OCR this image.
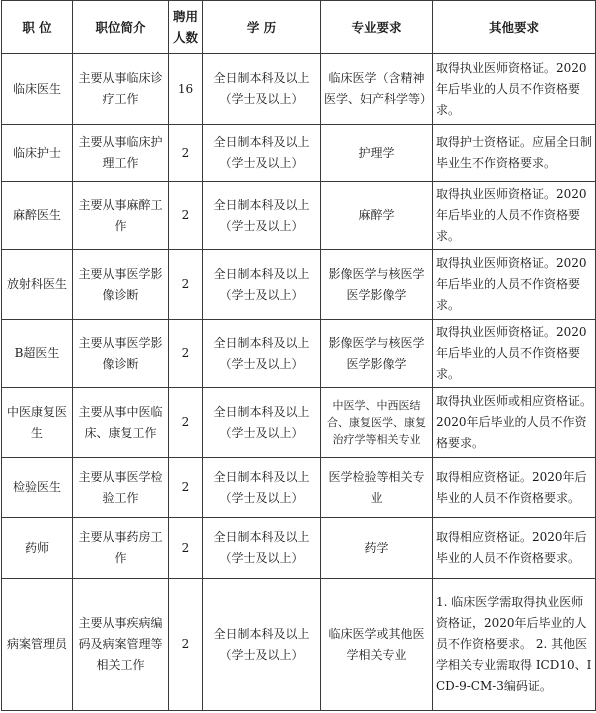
职 位	职位简介	聘用人数	学 历	专业要求	其他要求
临床医生	主要从事临床诊疗工作	16	全日制本科及以上（学士及以上）	临床医学（含精神医学、妇产科学等）	取得执业医师资格证。2020年后毕业的人员不作资格要求。
临床护士	主要从事临床护理工作	2	全日制本科及以上（学士及以上）	护理学	取得护士资格证。应届全日制毕业生不作资格要求。
麻醉医生	主要从事麻醉工作	2	全日制本科及以上（学士及以上）	麻醉学	取得执业医师资格证。2020年后毕业的人员不作资格要求。
放射科医生	主要从事医学影像诊断	2	全日制本科及以上（学士及以上）	影像医学与核医学医学影像学	取得执业医师资格证。2020年后毕业的人员不作资格要求。
B超医生	主要从事医学影像诊断	2	全日制本科及以上（学士及以上）	影像医学与核医学医学影像学	取得执业医师资格证。2020年后毕业的人员不作资格要求。
中医康复医生	主要从事中医临床、康复工作	2	全日制本科及以上（学士及以上）	中医学、中西医结合、康复医学、康复治疗学等相关专业	取得执业医师或相应资格证。2020年后毕业的人员不作资格要求。
检验医生	主要从事医学检验工作	2	全日制本科及以上（学士及以上）	医学检验等相关专业	取得相应资格证。2020年后毕业的人员不作资格要求。
药师	主要从事药房工作	2	全日制本科及以上（学士及以上）	药学	取得相应资格证。2020年后毕业的人员不作资格要求。
病案管理员	主要从事疾病编码及病案管理等相关工作	2	全日制本科及以上（学士及以上）	临床医学或其他医学相关专业	1. 临床医学需取得执业医师资格证，2020年后毕业的人员不作资格要求。 2. 其他医学相关专业需取得 ICD10、ICD-9-CM-3编码证。
